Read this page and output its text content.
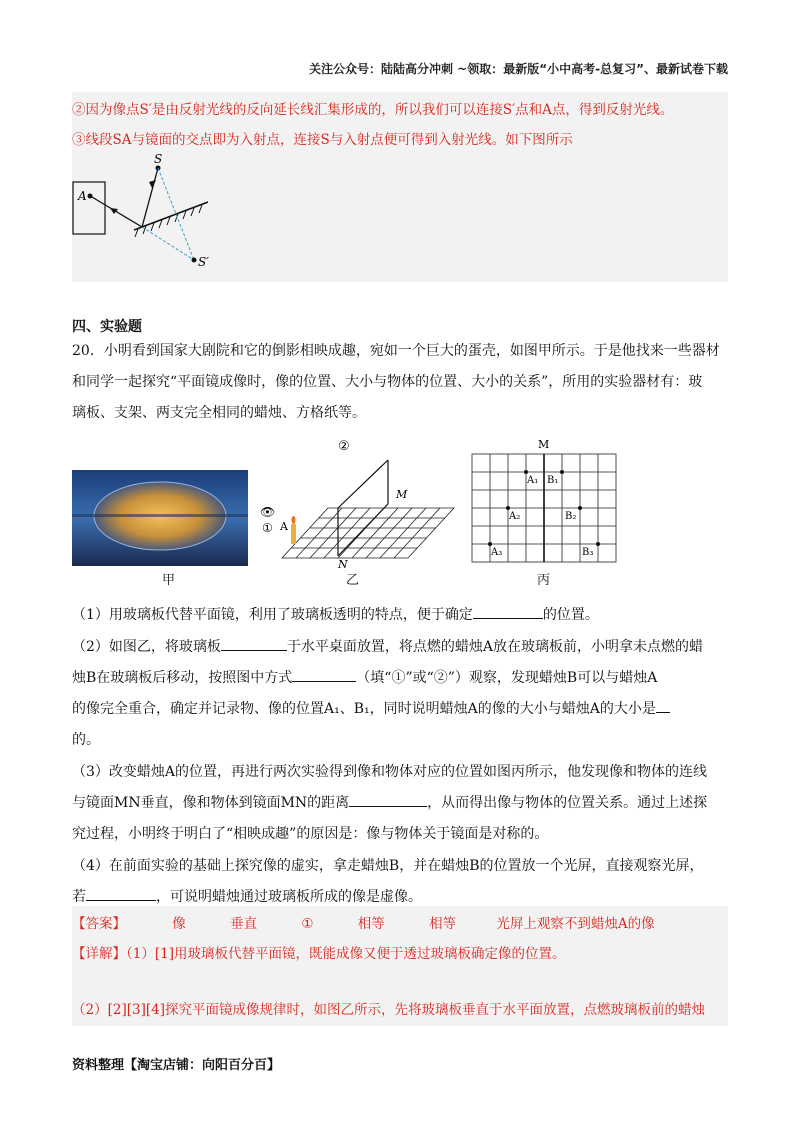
关注公众号：陆陆高分冲刺 ~领取：最新版“小中高考-总复习”、最新试卷下载
②因为像点S′是由反射光线的反向延长线汇集形成的，所以我们可以连接S′点和A点，得到反射光线。
③线段SA与镜面的交点即为入射点，连接S与入射点便可得到入射光线。如下图所示
A
S
S′
四、实验题
20．小明看到国家大剧院和它的倒影相映成趣，宛如一个巨大的蛋壳，如图甲所示。于是他找来一些器材
和同学一起探究“平面镜成像时，像的位置、大小与物体的位置、大小的关系”，所用的实验器材有：玻
璃板、支架、两支完全相同的蜡烛、方格纸等。
甲
②
M
N
👁
① A
乙
M
A₁ B₁
A₂	B₂
A₃	B₃
丙
（1）用玻璃板代替平面镜，利用了玻璃板透明的特点，便于确定	的位置。
（2）如图乙，将玻璃板	于水平桌面放置，将点燃的蜡烛A放在玻璃板前，小明拿未点燃的蜡
烛B在玻璃板后移动，按照图中方式	（填“①”或“②”）观察，发现蜡烛B可以与蜡烛A
的像完全重合，确定并记录物、像的位置A₁、B₁，同时说明蜡烛A的像的大小与蜡烛A的大小是
的。
（3）改变蜡烛A的位置，再进行两次实验得到像和物体对应的位置如图丙所示，他发现像和物体的连线
与镜面MN垂直，像和物体到镜面MN的距离	，从而得出像与物体的位置关系。通过上述探
究过程，小明终于明白了“相映成趣”的原因是：像与物体关于镜面是对称的。
（4）在前面实验的基础上探究像的虚实，拿走蜡烛B，并在蜡烛B的位置放一个光屏，直接观察光屏，
若	，可说明蜡烛通过玻璃板所成的像是虚像。
【答案】	像	垂直	①	相等	相等	光屏上观察不到蜡烛A的像
【详解】（1）[1]用玻璃板代替平面镜，既能成像又便于透过玻璃板确定像的位置。
（2）[2][3][4]探究平面镜成像规律时，如图乙所示，先将玻璃板垂直于水平面放置，点燃玻璃板前的蜡烛
资料整理【淘宝店铺：向阳百分百】
